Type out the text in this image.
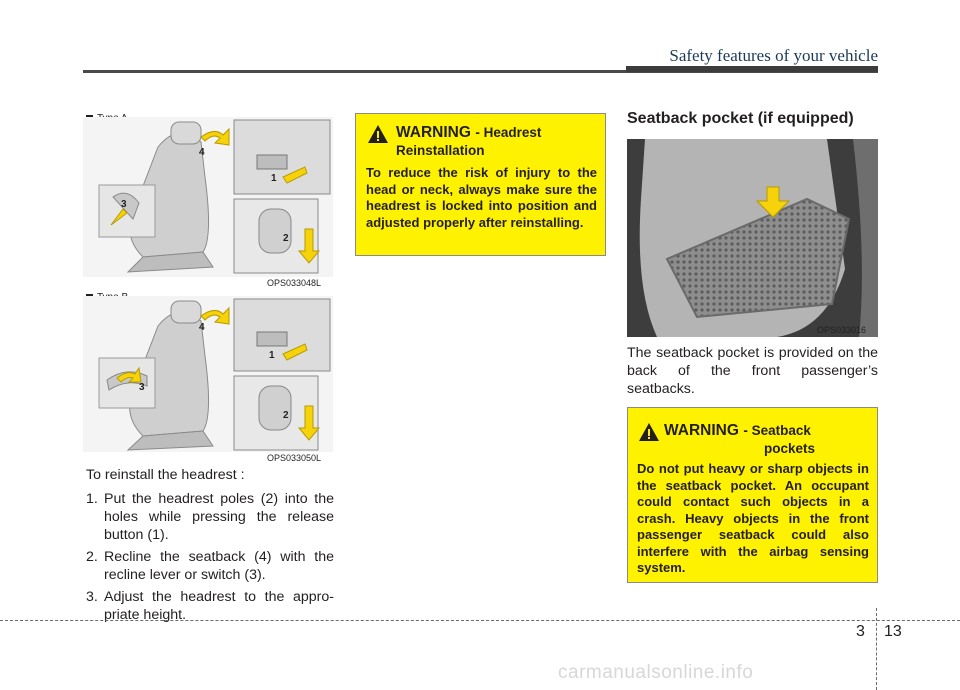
Safety features of your vehicle
4
1
2
3
OPS033048L
4
1
2
3
OPS033050L
To reinstall the headrest :
1. Put the headrest poles (2) into the holes while pressing the release button (1).
2. Recline the seatback (4) with the recline lever or switch (3).
3. Adjust the headrest to the appro-priate height.
WARNING - Headrest
Reinstallation
To reduce the risk of injury to the head or neck, always make sure the headrest is locked into position and adjusted properly after reinstalling.
Seatback pocket (if equipped)
OPS033016
The seatback pocket is provided on the back of the front passenger’s seatbacks.
WARNING - Seatback
pockets
Do not put heavy or sharp objects in the seatback pocket. An occupant could contact such objects in a crash. Heavy objects in the front passenger seatback could also interfere with the airbag sensing system.
3 13
carmanualsonline.info
